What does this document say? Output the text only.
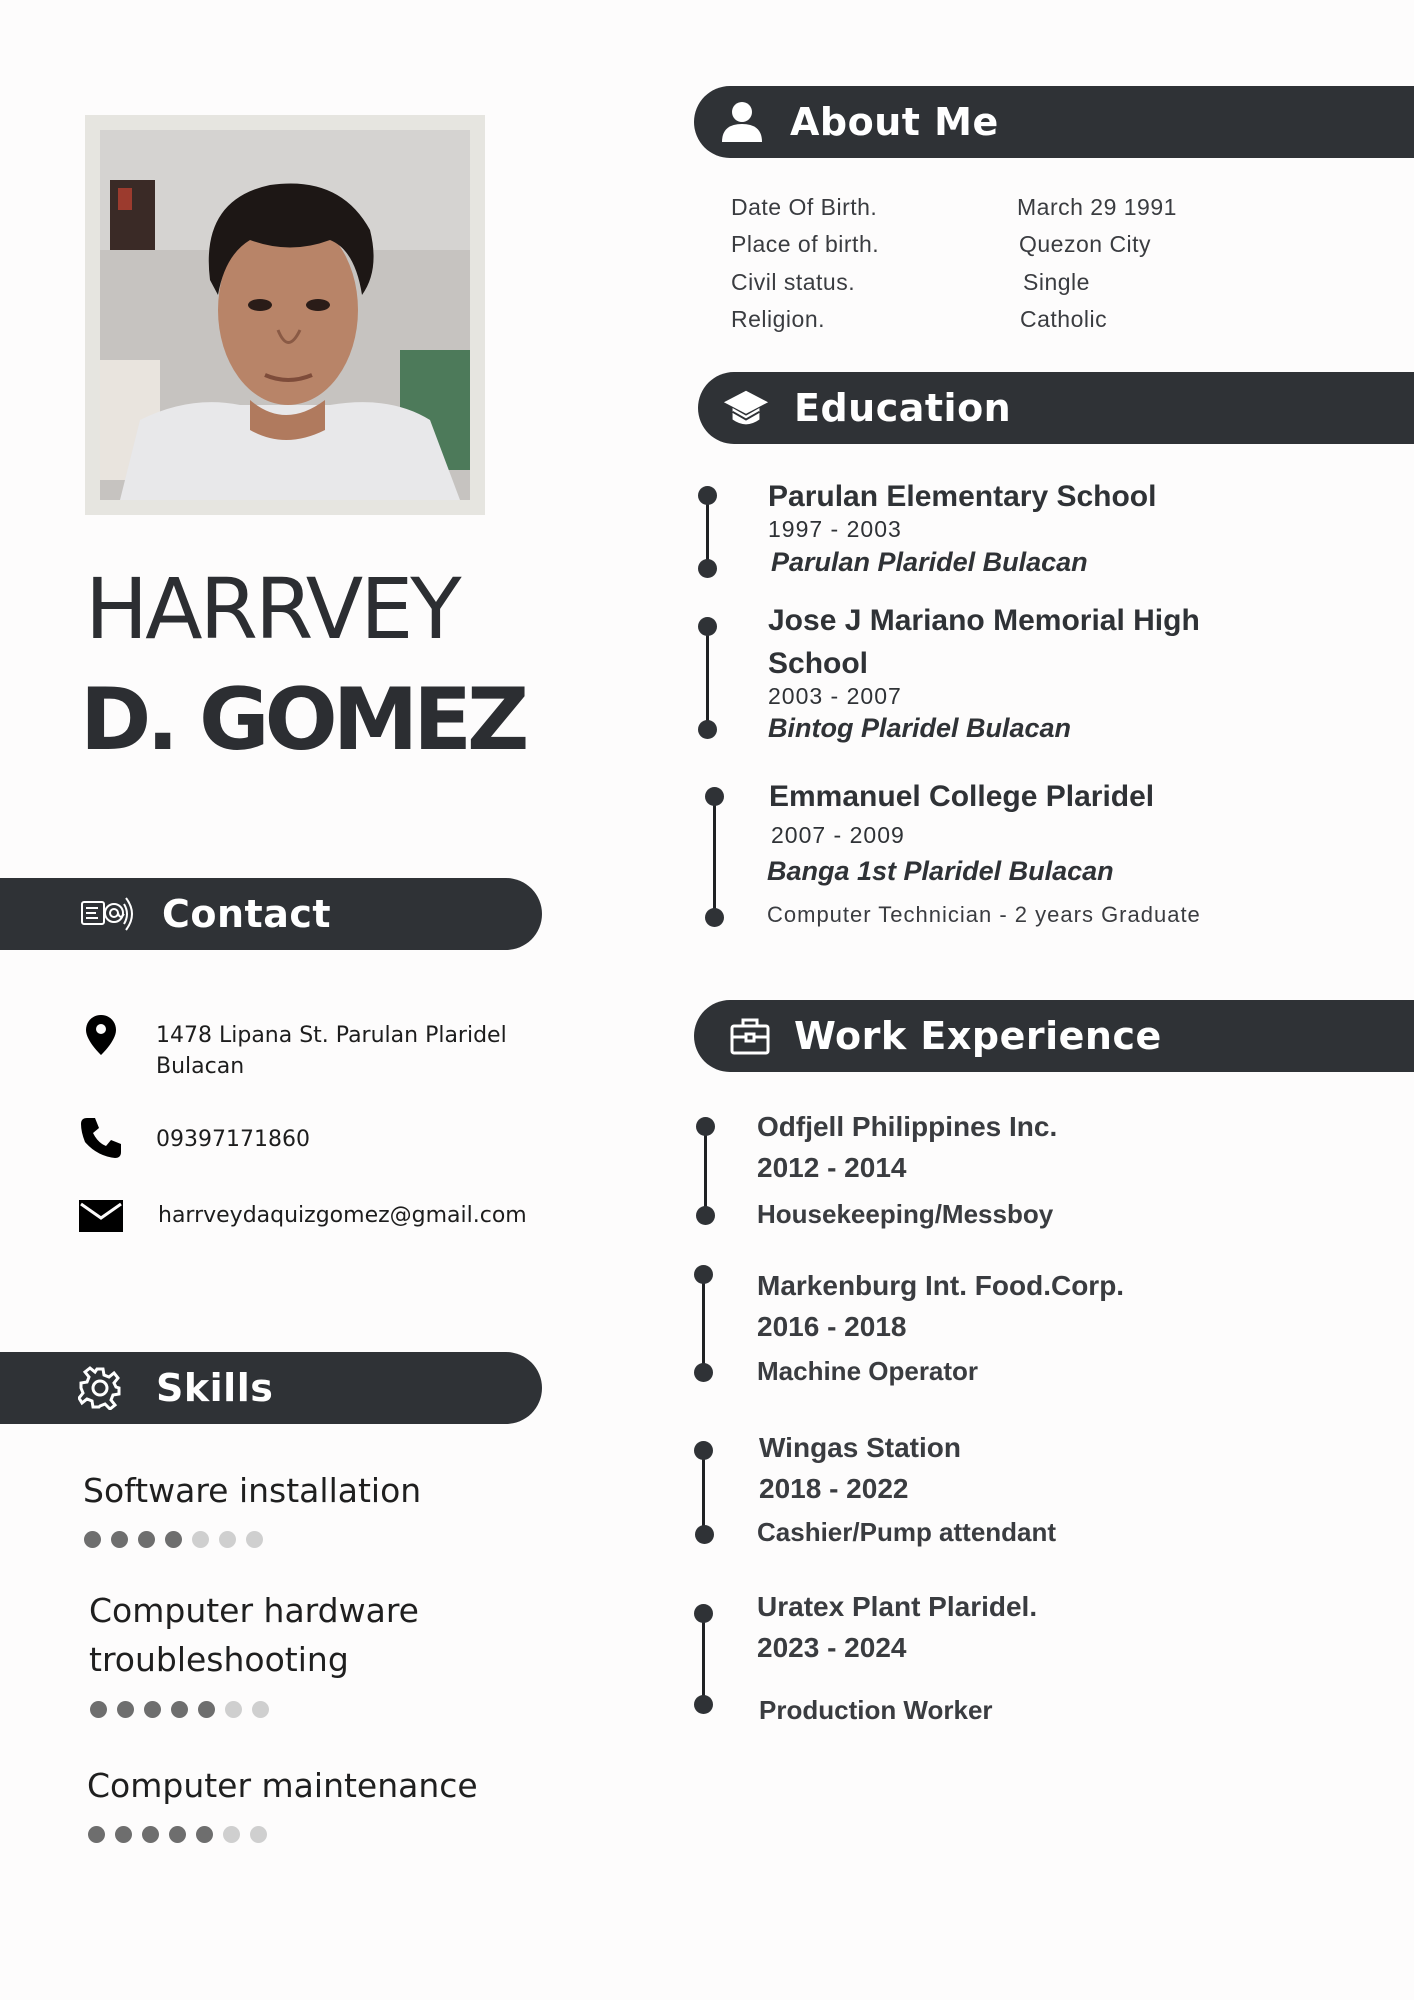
HARRVEY
D. GOMEZ
Contact
1478 Lipana St. Parulan Plaridel Bulacan
09397171860
harrveydaquizgomez@gmail.com
Skills
Software installation
Computer hardware troubleshooting
Computer maintenance
About Me
Date Of Birth.	March 29 1991
Place of birth.	Quezon City
Civil status.	Single
Religion.	Catholic
Education
Parulan Elementary School
1997 - 2003
Parulan Plaridel Bulacan
Jose J Mariano Memorial High
School
2003 - 2007
Bintog Plaridel Bulacan
Emmanuel College Plaridel
2007 - 2009
Banga 1st Plaridel Bulacan
Computer Technician - 2 years Graduate
Work Experience
Odfjell Philippines Inc.
2012 - 2014
Housekeeping/Messboy
Markenburg Int. Food.Corp.
2016 - 2018
Machine Operator
Wingas Station
2018 - 2022
Cashier/Pump attendant
Uratex Plant Plaridel.
2023 - 2024
Production Worker
